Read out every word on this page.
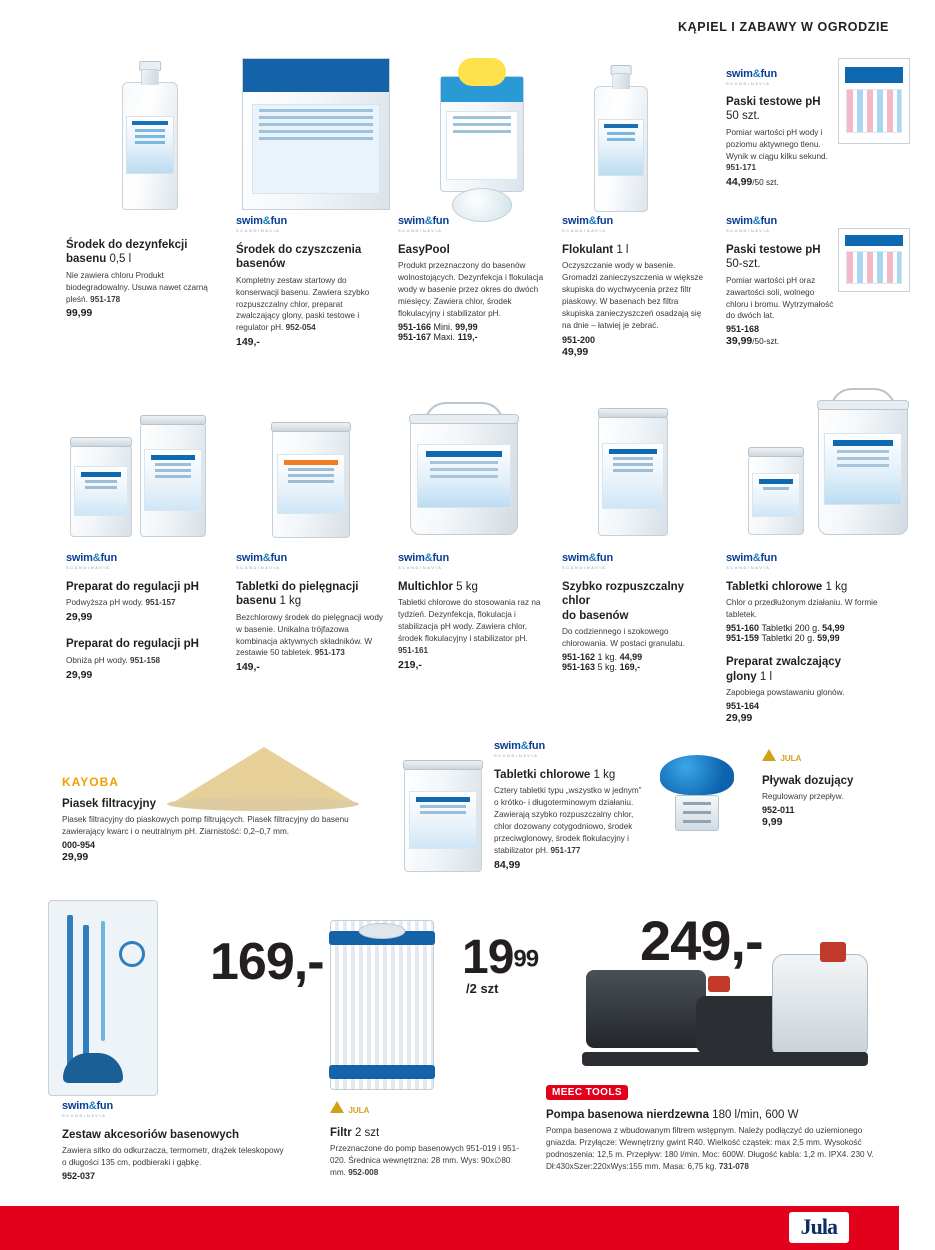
KĄPIEL I ZABAWY W OGRODZIE
Środek do dezynfekcji
basenu 0,5 l

Nie zawiera chloru Produkt biodegradowalny. Usuwa nawet czarną pleśń. 951-178

99,99
swim&fun
SCANDINAVIA
Środek do czyszczenia
basenów

Kompletny zestaw startowy do konserwacji basenu. Zawiera szybko rozpuszczalny chlor, preparat zwalczający glony, paski testowe i regulator pH. 952-054

149,-
swim&fun
SCANDINAVIA
EasyPool

Produkt przeznaczony do basenów wolnostojących. Dezynfekcja i flokulacja wody w basenie przez okres do dwóch miesięcy. Zawiera chlor, środek flokulacyjny i stabilizator pH.

951-166 Mini. 99,99
951-167 Maxi. 119,-
swim&fun
SCANDINAVIA
Flokulant 1 l

Oczyszczanie wody w basenie. Gromadzi zanieczyszczenia w większe skupiska do wychwycenia przez filtr piaskowy. W basenach bez filtra skupiska zanieczyszczeń osadzają się na dnie – łatwiej je zebrać.

951-200
49,99
swim&fun
SCANDINAVIA
Paski testowe pH
50 szt.

Pomiar wartości pH wody i poziomu aktywnego tlenu. Wynik w ciągu kilku sekund. 951-171

44,99/50 szt.
swim&fun
SCANDINAVIA
Paski testowe pH
50-szt.

Pomiar wartości pH oraz zawartości soli, wolnego chloru i bromu. Wytrzymałość do dwóch lat.

951-168
39,99/50-szt.
swim&fun
SCANDINAVIA
Preparat do regulacji pH

Podwyższa pH wody. 951-157

29,99
Preparat do regulacji pH

Obniża pH wody. 951-158

29,99
swim&fun
SCANDINAVIA
Tabletki do pielęgnacji
basenu 1 kg

Bezchlorowy środek do pielęgnacji wody w basenie. Unikalna trójfazowa kombinacja aktywnych składników. W zestawie 50 tabletek. 951-173

149,-
swim&fun
SCANDINAVIA
Multichlor 5 kg

Tabletki chlorowe do stosowania raz na tydzień. Dezynfekcja, flokulacja i stabilizacja pH wody. Zawiera chlor, środek flokulacyjny i stabilizator pH. 951-161

219,-
swim&fun
SCANDINAVIA
Szybko rozpuszczalny chlor
do basenów

Do codziennego i szokowego chlorowania. W postaci granulatu.

951-162 1 kg. 44,99
951-163 5 kg. 169,-
swim&fun
SCANDINAVIA
Tabletki chlorowe 1 kg

Chlor o przedłużonym działaniu. W formie tabletek.

951-160 Tabletki 200 g. 54,99
951-159 Tabletki 20 g. 59,99
Preparat zwalczający
glony 1 l

Zapobiega powstawaniu glonów.

951-164
29,99
KAYOBA
Piasek filtracyjny

Piasek filtracyjny do piaskowych pomp filtrujących. Piasek filtracyjny do basenu zawierający kwarc i o neutralnym pH. Ziarnistość: 0,2–0,7 mm.

000-954
29,99
swim&fun
SCANDINAVIA
Tabletki chlorowe 1 kg

Cztery tabletki typu „wszystko w jednym” o krótko- i długoterminowym działaniu. Zawierają szybko rozpuszczalny chlor, chlor dozowany cotygodniowo, środek przeciwglonowy, środek flokulacyjny i stabilizator pH. 951-177

84,99
JULA
Pływak dozujący

Regulowany przepływ.

952-011
9,99
169,-
swim&fun
SCANDINAVIA
Zestaw akcesoriów basenowych

Zawiera sitko do odkurzacza, termometr, drążek teleskopowy o długości 135 cm, podbieraki i gąbkę.

952-037
1999
/2 szt
JULA
Filtr 2 szt

Przeznaczone do pomp basenowych 951-019 i 951-020. Średnica wewnętrzna: 28 mm. Wys: 90x∅80 mm. 952-008

249,-
MEEC TOOLS
Pompa basenowa nierdzewna 180 l/min, 600 W

Pompa basenowa z wbudowanym filtrem wstępnym. Należy podłączyć do uziemionego gniazda. Przyłącze: Wewnętrzny gwint R40. Wielkość cząstek: max 2,5 mm. Wysokość podnoszenia: 12,5 m. Przepływ: 180 l/min. Moc: 600W. Długość kabla: 1,2 m. IPX4. 230 V. Dł:430xSzer:220xWys:155 mm. Masa: 6,75 kg. 731-078

Jula	33
